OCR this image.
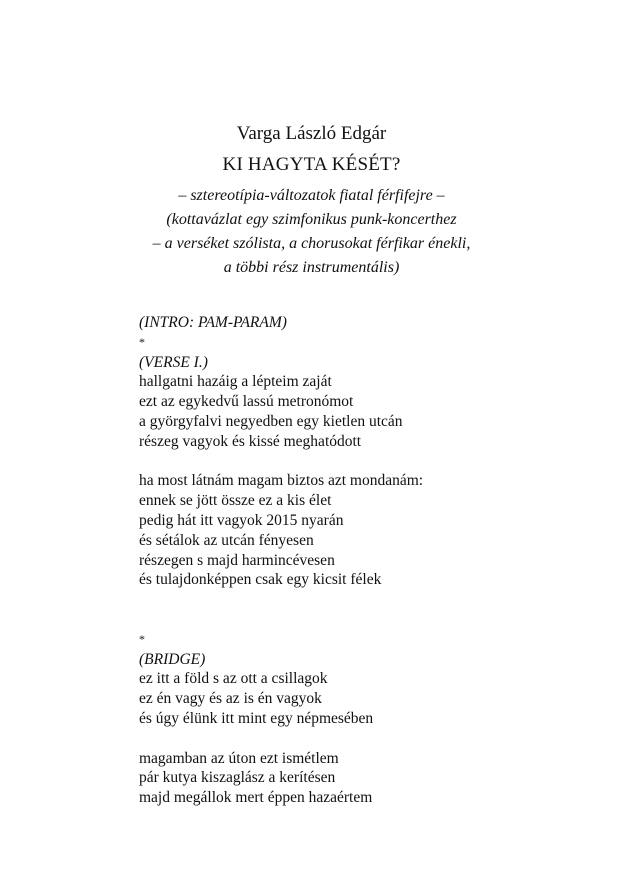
Varga László Edgár
KI HAGYTA KÉSÉT?
– sztereotípia-változatok fiatal férfifejre –
(kottavázlat egy szimfonikus punk-koncerthez
– a verséket szólista, a chorusokat férfikar énekli,
a többi rész instrumentális)
(INTRO: PAM-PARAM)
*
(VERSE I.)
hallgatni hazáig a lépteim zaját
ezt az egykedvű lassú metronómot
a györgyfalvi negyedben egy kietlen utcán
részeg vagyok és kissé meghatódott
ha most látnám magam biztos azt mondanám:
ennek se jött össze ez a kis élet
pedig hát itt vagyok 2015 nyarán
és sétálok az utcán fényesen
részegen s majd harmincévesen
és tulajdonképpen csak egy kicsit félek
*
(BRIDGE)
ez itt a föld s az ott a csillagok
ez én vagy és az is én vagyok
és úgy élünk itt mint egy népmesében
magamban az úton ezt ismétlem
pár kutya kiszaglász a kerítésen
majd megállok mert éppen hazaértem
